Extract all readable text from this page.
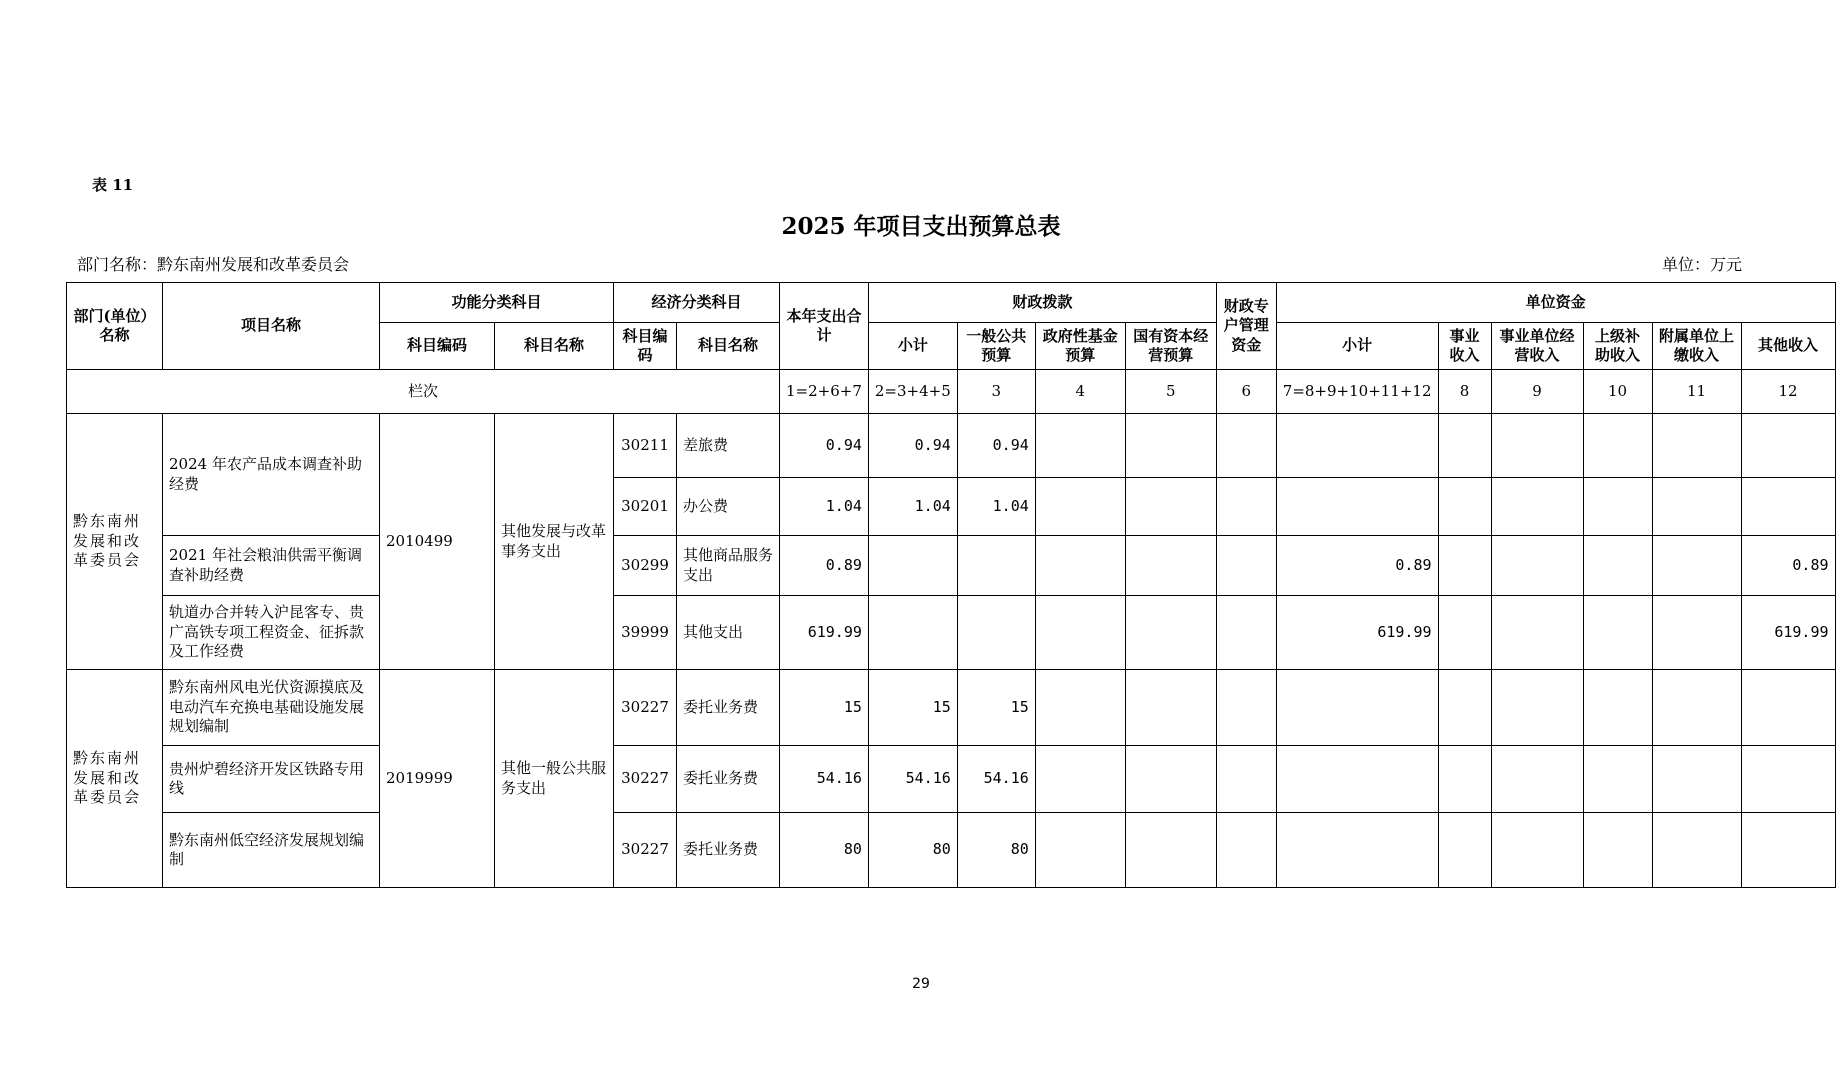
表 11
2025 年项目支出预算总表
部门名称：黔东南州发展和改革委员会	单位：万元
部门(单位）名称	项目名称	功能分类科目		经济分类科目		本年支出合计	财政拨款				财政专户管理资金	单位资金					
		科目编码	科目名称	科目编码	科目名称		小计	一般公共预算	政府性基金预算	国有资本经营预算		小计	事业收入	事业单位经营收入	上级补助收入	附属单位上缴收入	其他收入
栏次						1=2+6+7	2=3+4+5	3	4	5	6	7=8+9+10+11+12	8	9	10	11	12
黔东南州发展和改革委员会	2024 年农产品成本调查补助经费	2010499	其他发展与改革事务支出	30211	差旅费	0.94	0.94	0.94									
				30201	办公费	1.04	1.04	1.04									
	2021 年社会粮油供需平衡调查补助经费			30299	其他商品服务支出	0.89						0.89					0.89
	轨道办合并转入沪昆客专、贵广高铁专项工程资金、征拆款及工作经费			39999	其他支出	619.99						619.99					619.99
黔东南州发展和改革委员会	黔东南州风电光伏资源摸底及电动汽车充换电基础设施发展规划编制	2019999	其他一般公共服务支出	30227	委托业务费	15	15	15									
	贵州炉碧经济开发区铁路专用线			30227	委托业务费	54.16	54.16	54.16									
	黔东南州低空经济发展规划编制			30227	委托业务费	80	80	80									
29
